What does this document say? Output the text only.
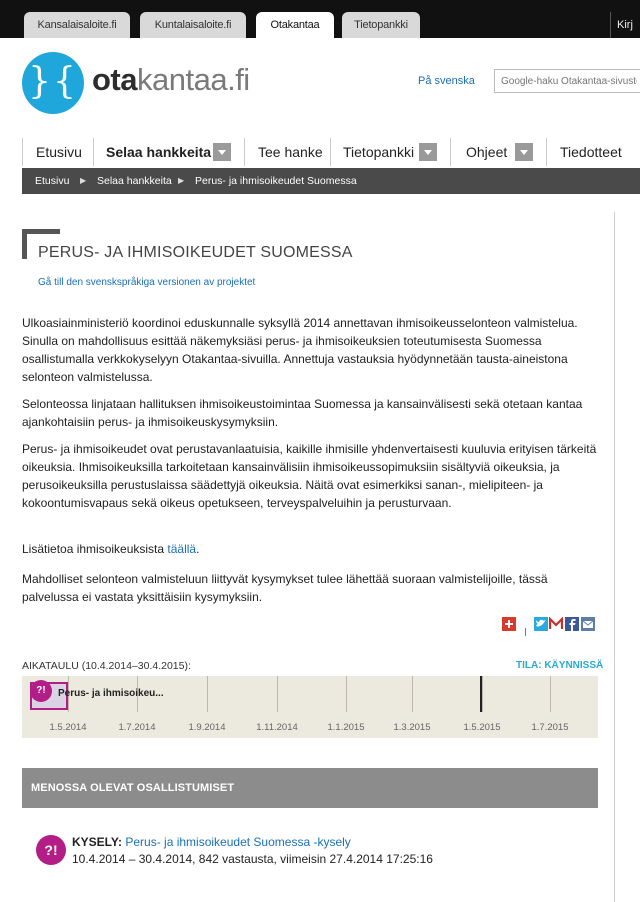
Kansalaisaloite.fi	Kuntalaisaloite.fi	Otakantaa	Tietopankki	Kirj
}{ otakantaa.fi	På svenska
Google-haku Otakantaa-sivustolta
Etusivu Selaa hankkeita	Tee hanke Tietopankki	Ohjeet	Tiedotteet
Etusivu ▶ Selaa hankkeita ▶ Perus- ja ihmisoikeudet Suomessa
PERUS- JA IHMISOIKEUDET SUOMESSA
Gå till den svenskspråkiga versionen av projektet

Ulkoasiainministeriö koordinoi eduskunnalle syksyllä 2014 annettavan ihmisoikeusselonteon valmistelua. Sinulla on mahdollisuus esittää näkemyksiäsi perus- ja ihmisoikeuksien toteutumisesta Suomessa osallistumalla verkkokyselyyn Otakantaa-sivuilla. Annettuja vastauksia hyödynnetään tausta-aineistona selonteon valmistelussa.

Selonteossa linjataan hallituksen ihmisoikeustoimintaa Suomessa ja kansainvälisesti sekä otetaan kantaa ajankohtaisiin perus- ja ihmisoikeuskysymyksiin.

Perus- ja ihmisoikeudet ovat perustavanlaatuisia, kaikille ihmisille yhdenvertaisesti kuuluvia erityisen tärkeitä oikeuksia. Ihmisoikeuksilla tarkoitetaan kansainvälisiin ihmisoikeussopimuksiin sisältyviä oikeuksia, ja perusoikeuksilla perustuslaissa säädettyjä oikeuksia. Näitä ovat esimerkiksi sanan-, mielipiteen- ja kokoontumisvapaus sekä oikeus opetukseen, terveyspalveluihin ja perusturvaan.

Lisätietoa ihmisoikeuksista täällä.

Mahdolliset selonteon valmisteluun liittyvät kysymykset tulee lähettää suoraan valmistelijoille, tässä palvelussa ei vastata yksittäisiin kysymyksiin.

AIKATAULU (10.4.2014–30.4.2015):	TILA: KÄYNNISSÄ
?!	Perus- ja ihmisoikeu...
1.5.2014	1.7.2014	1.9.2014	1.11.2014	1.1.2015	1.3.2015	1.5.2015	1.7.2015
MENOSSA OLEVAT OSALLISTUMISET
?!	KYSELY: Perus- ja ihmisoikeudet Suomessa -kysely
10.4.2014 – 30.4.2014, 842 vastausta, viimeisin 27.4.2014 17:25:16
